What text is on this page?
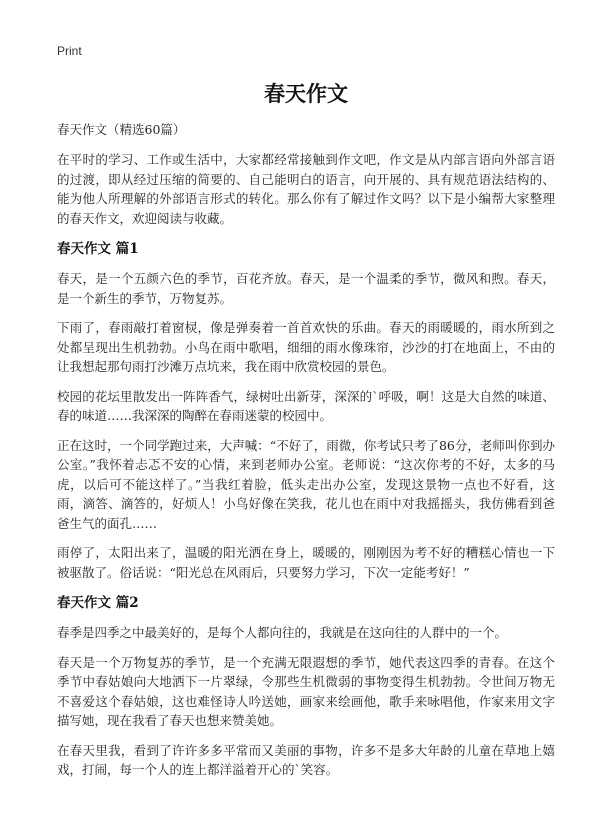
Print
春天作文
春天作文（精选60篇）

在平时的学习、工作或生活中，大家都经常接触到作文吧，作文是从内部言语向外部言语的过渡，即从经过压缩的简要的、自己能明白的语言，向开展的、具有规范语法结构的、能为他人所理解的外部语言形式的转化。那么你有了解过作文吗？以下是小编帮大家整理的春天作文，欢迎阅读与收藏。

春天作文 篇1

春天，是一个五颜六色的季节，百花齐放。春天，是一个温柔的季节，微风和煦。春天，是一个新生的季节，万物复苏。

下雨了，春雨敲打着窗棂，像是弹奏着一首首欢快的乐曲。春天的雨暖暖的，雨水所到之处都呈现出生机勃勃。小鸟在雨中歌唱，细细的雨水像珠帘，沙沙的打在地面上，不由的让我想起那句雨打沙滩万点坑来，我在雨中欣赏校园的景色。

校园的花坛里散发出一阵阵香气，绿树吐出新芽，深深的`呼吸，啊！这是大自然的味道、春的味道……我深深的陶醉在春雨迷蒙的校园中。

正在这时，一个同学跑过来，大声喊：“不好了，雨微，你考试只考了86分，老师叫你到办公室。”我怀着忐忑不安的心情，来到老师办公室。老师说：“这次你考的不好，太多的马虎，以后可不能这样了。”当我红着脸，低头走出办公室，发现这景物一点也不好看，这雨，滴答、滴答的，好烦人！小鸟好像在笑我，花儿也在雨中对我摇摇头，我仿佛看到爸爸生气的面孔……

雨停了，太阳出来了，温暖的阳光洒在身上，暖暖的，刚刚因为考不好的糟糕心情也一下被驱散了。俗话说：“阳光总在风雨后，只要努力学习，下次一定能考好！”

春天作文 篇2

春季是四季之中最美好的，是每个人都向往的，我就是在这向往的人群中的一个。

春天是一个万物复苏的季节，是一个充满无限遐想的季节，她代表这四季的青春。在这个季节中春姑娘向大地洒下一片翠绿，令那些生机微弱的事物变得生机勃勃。令世间万物无不喜爱这个春姑娘，这也难怪诗人吟送她，画家来绘画他，歌手来咏唱他，作家来用文字描写她，现在我看了春天也想来赞美她。

在春天里我，看到了许许多多平常而又美丽的事物，许多不是多大年龄的儿童在草地上嬉戏，打闹，每一个人的连上都洋溢着开心的`笑容。
